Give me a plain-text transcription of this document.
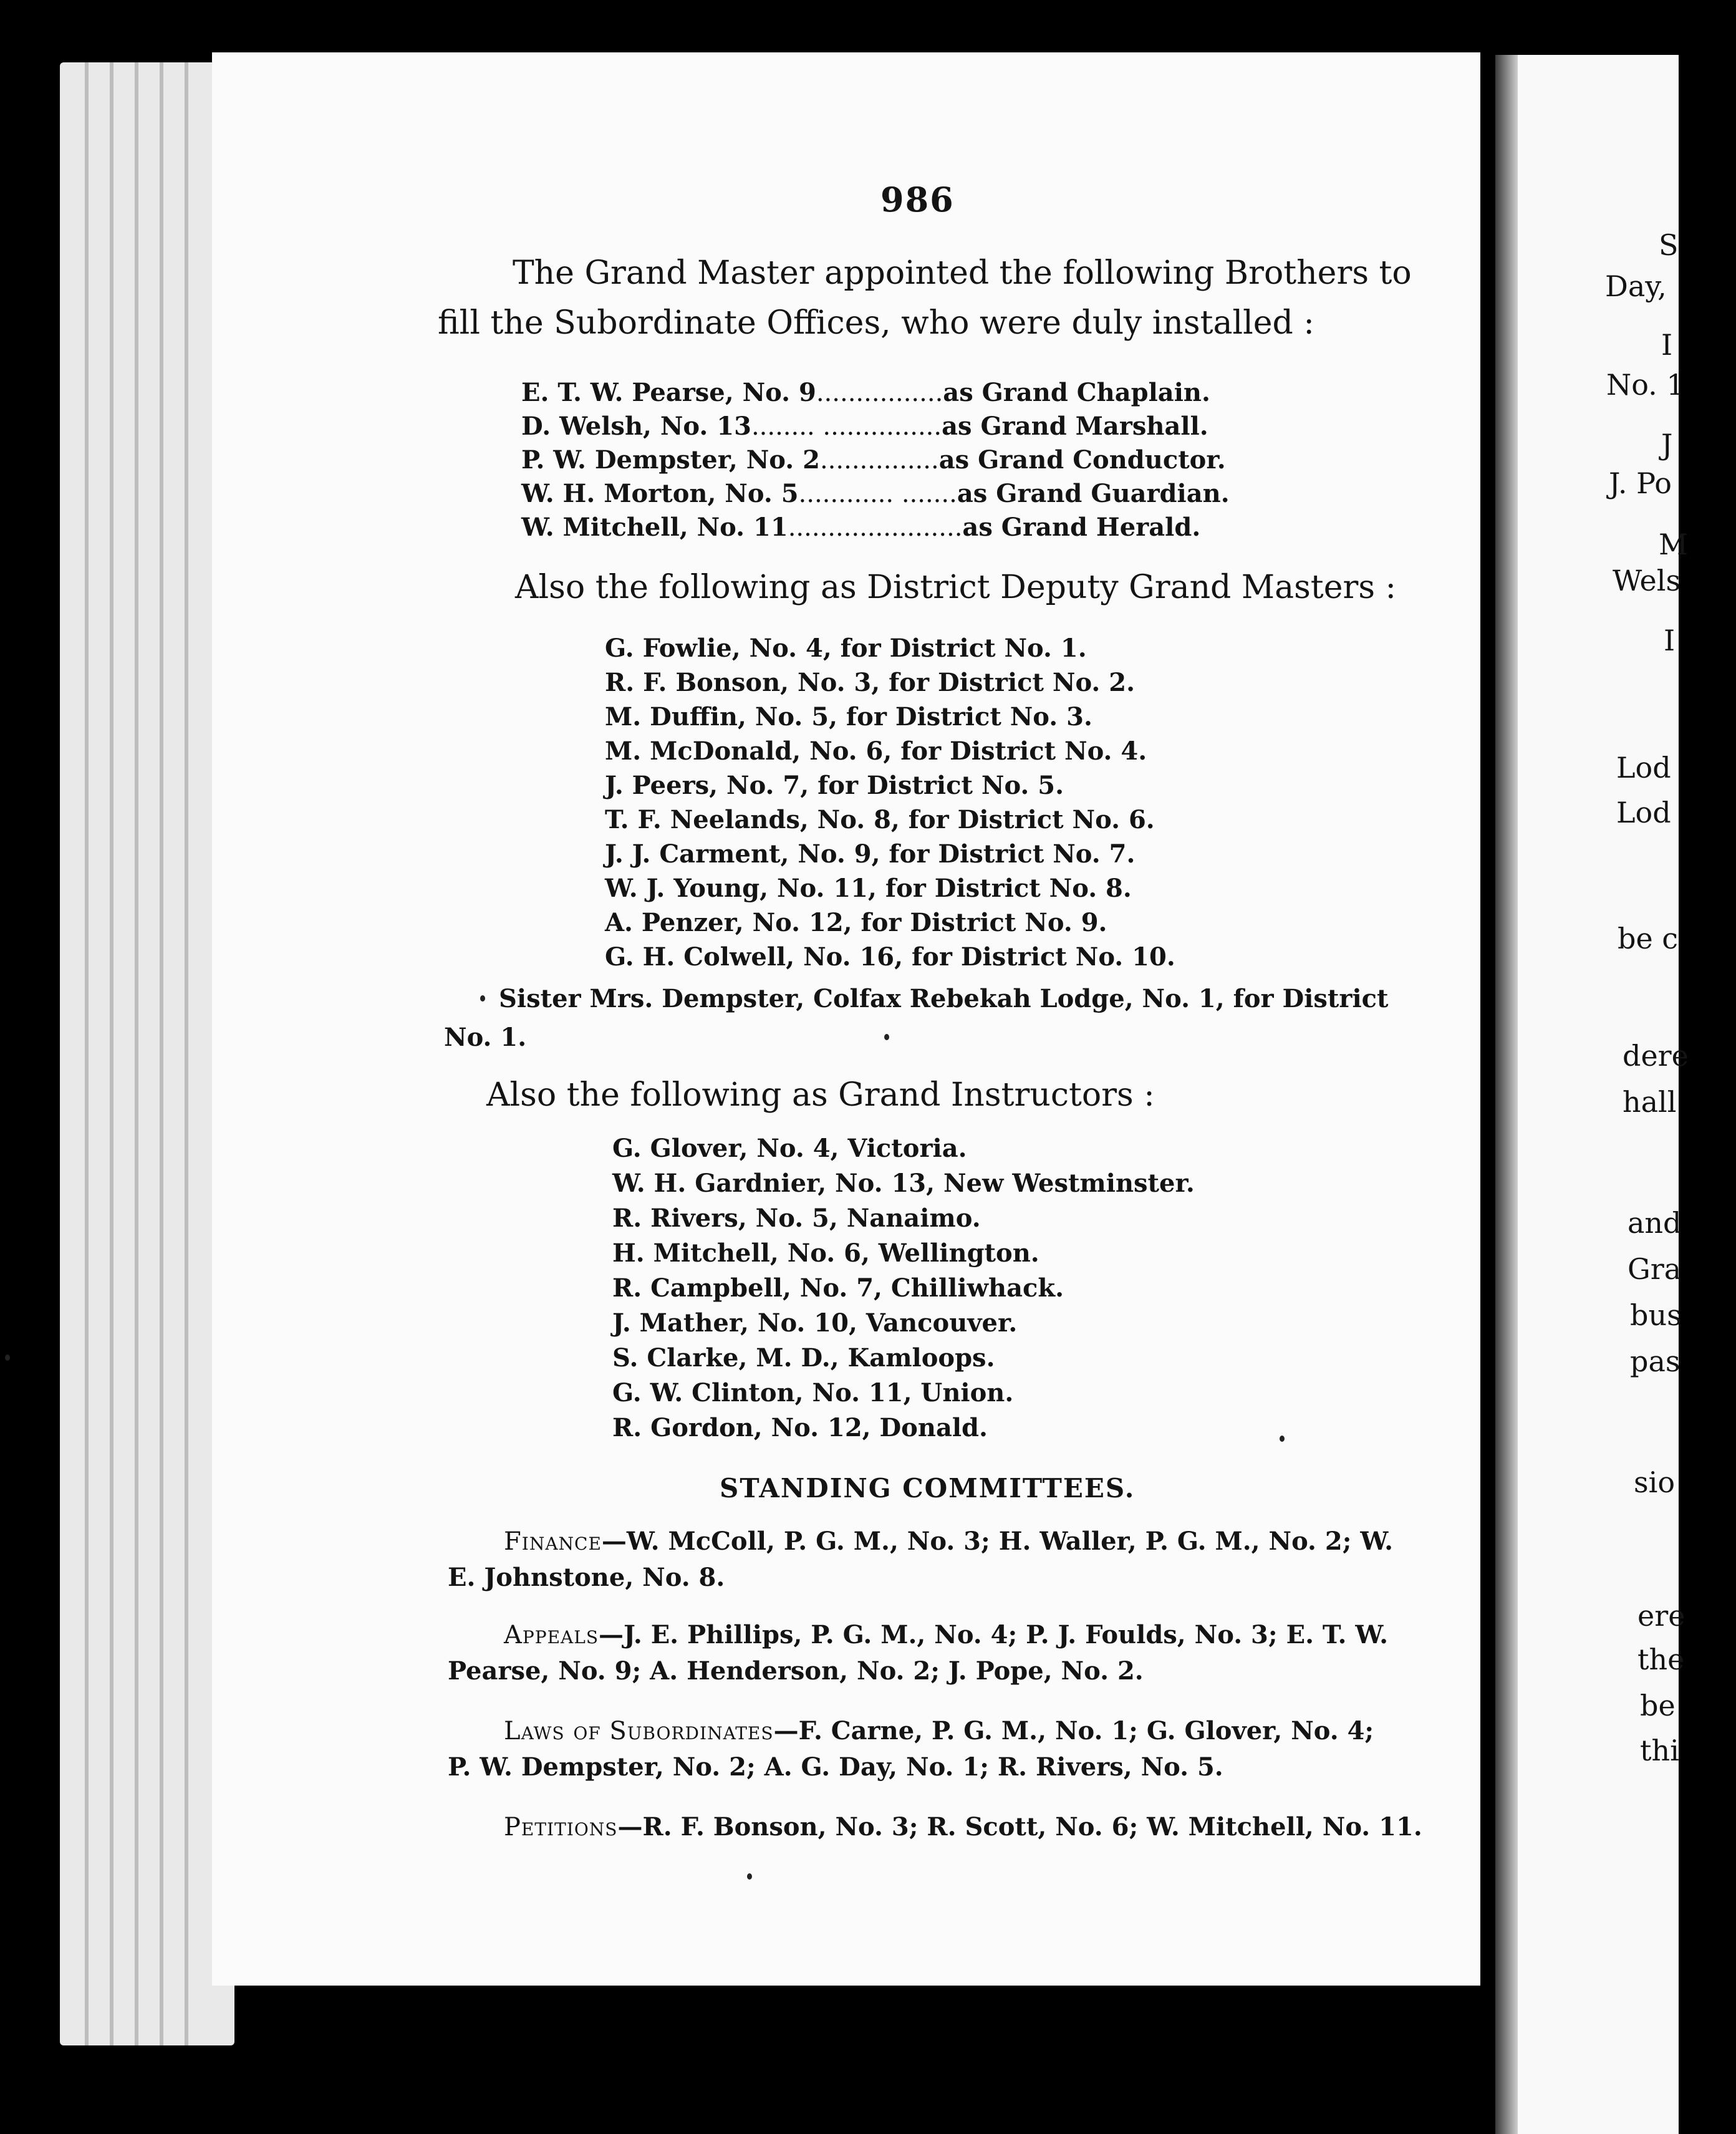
986
The Grand Master appointed the following Brothers to
fill the Subordinate Offices, who were duly installed :
E. T. W. Pearse, No. 9................as Grand Chaplain.
D. Welsh, No. 13........ ...............as Grand Marshall.
P. W. Dempster, No. 2...............as Grand Conductor.
W. H. Morton, No. 5............ .......as Grand Guardian.
W. Mitchell, No. 11......................as Grand Herald.
Also the following as District Deputy Grand Masters :
G. Fowlie, No. 4, for District No. 1.
R. F. Bonson, No. 3, for District No. 2.
M. Duffin, No. 5, for District No. 3.
M. McDonald, No. 6, for District No. 4.
J. Peers, No. 7, for District No. 5.
T. F. Neelands, No. 8, for District No. 6.
J. J. Carment, No. 9, for District No. 7.
W. J. Young, No. 11, for District No. 8.
A. Penzer, No. 12, for District No. 9.
G. H. Colwell, No. 16, for District No. 10.
Sister Mrs. Dempster, Colfax Rebekah Lodge, No. 1, for District
No. 1.
Also the following as Grand Instructors :
G. Glover, No. 4, Victoria.
W. H. Gardnier, No. 13, New Westminster.
R. Rivers, No. 5, Nanaimo.
H. Mitchell, No. 6, Wellington.
R. Campbell, No. 7, Chilliwhack.
J. Mather, No. 10, Vancouver.
S. Clarke, M. D., Kamloops.
G. W. Clinton, No. 11, Union.
R. Gordon, No. 12, Donald.
STANDING COMMITTEES.
Finance—W. McColl, P. G. M., No. 3; H. Waller, P. G. M., No. 2; W.
E. Johnstone, No. 8.
Appeals—J. E. Phillips, P. G. M., No. 4; P. J. Foulds, No. 3; E. T. W.
Pearse, No. 9; A. Henderson, No. 2; J. Pope, No. 2.
Laws of Subordinates—F. Carne, P. G. M., No. 1; G. Glover, No. 4;
P. W. Dempster, No. 2; A. G. Day, No. 1; R. Rivers, No. 5.
Petitions—R. F. Bonson, No. 3; R. Scott, No. 6; W. Mitchell, No. 11.
S
Day,
I
No. 1
J
J. Po
M
Wels
I
Lod
Lod
be c
dere
hall
and
Gra
bus
pas
sio
ere
the
be
thi
